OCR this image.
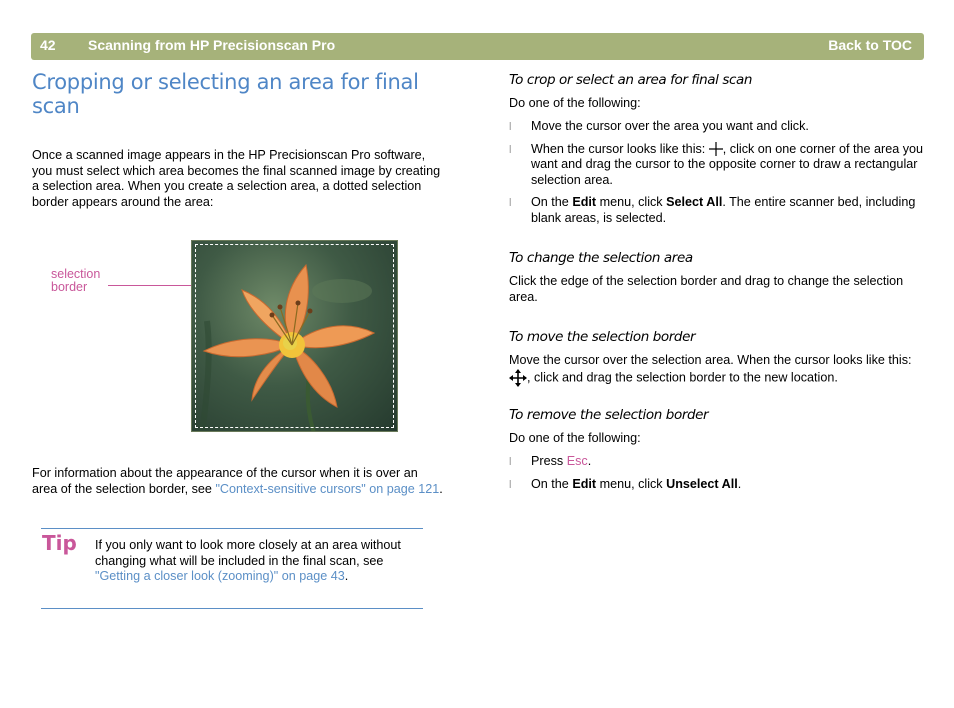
42 Scanning from HP Precisionscan Pro	Back to TOC
Cropping or selecting an area for final scan

Once a scanned image appears in the HP Precisionscan Pro software, you must select which area becomes the final scanned image by creating a selection area. When you create a selection area, a dotted selection border appears around the area:

selection
border

For information about the appearance of the cursor when it is over an area of the selection border, see "Context-sensitive cursors" on page 121.

Tip If you only want to look more closely at an area without changing what will be included in the final scan, see "Getting a closer look (zooming)" on page 43.

To crop or select an area for final scan

Do one of the following:

l Move the cursor over the area you want and click.
l When the cursor looks like this: , click on one corner of the area you want and drag the cursor to the opposite corner to draw a rectangular selection area.
l On the Edit menu, click Select All. The entire scanner bed, including blank areas, is selected.
To change the selection area

Click the edge of the selection border and drag to change the selection area.

To move the selection border

Move the cursor over the selection area. When the cursor looks like this: , click and drag the selection border to the new location.

To remove the selection border

Do one of the following:

l Press Esc.
l On the Edit menu, click Unselect All.
